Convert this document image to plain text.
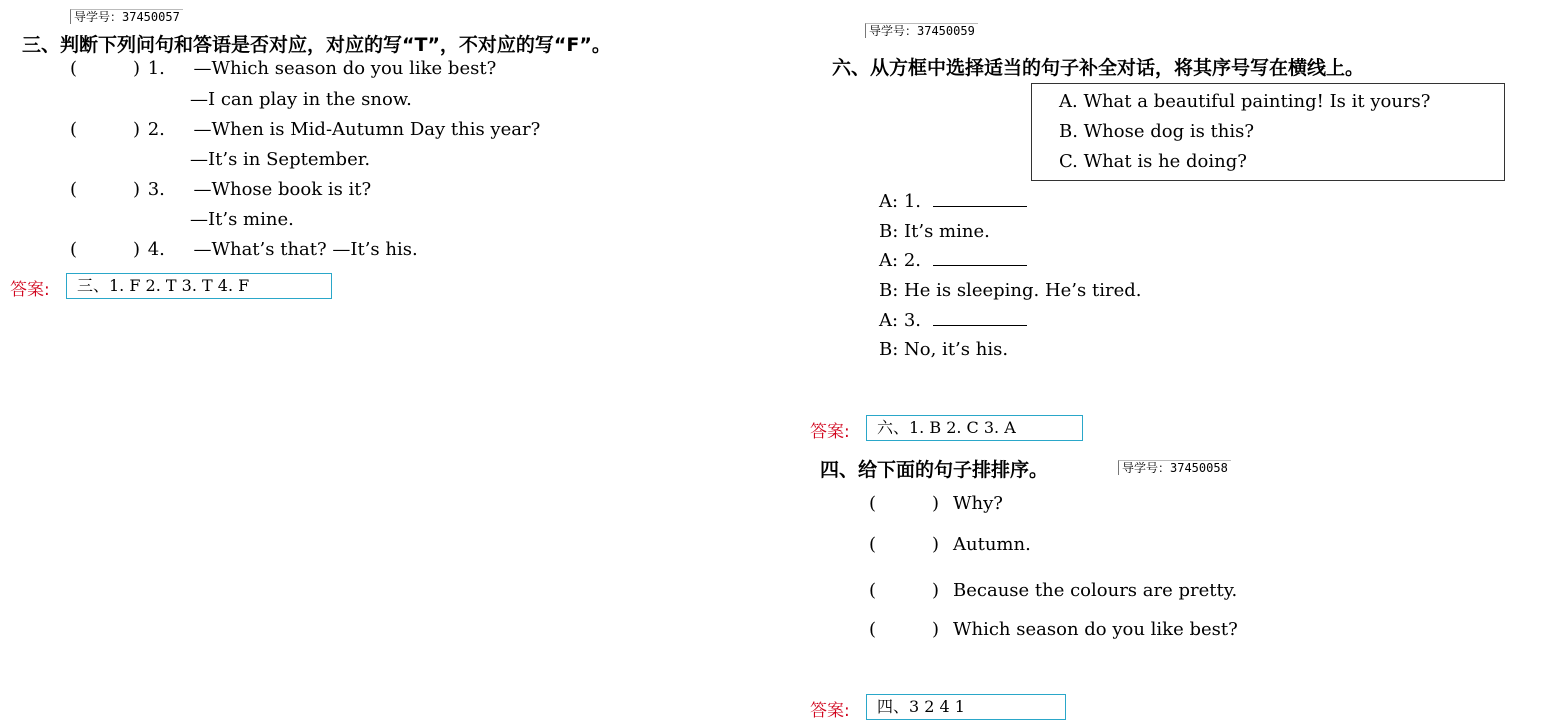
导学号：37450057
三、判断下列问句和答语是否对应，对应的写“T”，不对应的写“F”。
(	) 1. —Which season do you like best?
—I can play in the snow.
(	) 2. —When is Mid-Autumn Day this year?
—It’s in September.
(	) 3. —Whose book is it?
—It’s mine.
(	) 4. —What’s that? —It’s his.
答案:	三、1. F 2. T 3. T 4. F
导学号：37450059
六、从方框中选择适当的句子补全对话，将其序号写在横线上。
A. What a beautiful painting! Is it yours?
B. Whose dog is this?
C. What is he doing?
A: 1.
B: It’s mine.
A: 2.
B: He is sleeping. He’s tired.
A: 3.
B: No, it’s his.
答案:	六、1. B 2. C 3. A
四、给下面的句子排排序。	导学号：37450058
(	) Why?
(	) Autumn.
(	) Because the colours are pretty.
(	) Which season do you like best?
答案:	四、3 2 4 1
